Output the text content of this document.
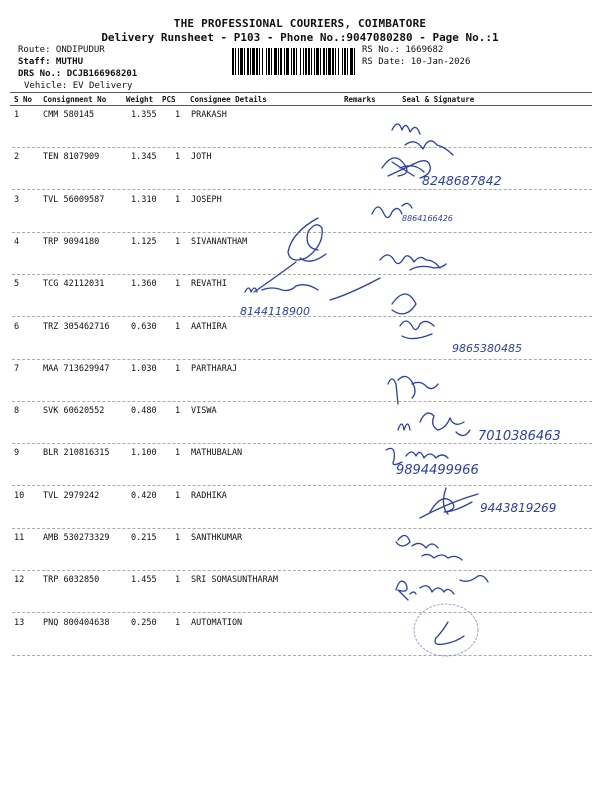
THE PROFESSIONAL COURIERS, COIMBATORE
Delivery Runsheet - P103 - Phone No.:9047080280 - Page No.:1
Route: ONDIPUDUR
Staff: MUTHU
DRS No.: DCJB166968201
Vehicle: EV Delivery
RS No.: 1669682
RS Date: 10-Jan-2026
S No Consignment No	Weight PCS Consignee Details	Remarks	Seal & Signature
1	CMM 580145	1.355 1 PRAKASH
2	TEN 8107909	1.345 1 JOTH
3	TVL 56009587	1.310 1 JOSEPH
4	TRP 9094180	1.125 1 SIVANANTHAM
5	TCG 42112031	1.360 1 REVATHI
6	TRZ 305462716	0.630 1 AATHIRA
7	MAA 713629947	1.030 1 PARTHARAJ
8	SVK 60620552	0.480 1 VISWA
9	BLR 210816315	1.100 1 MATHUBALAN
10 TVL 2979242	0.420 1 RADHIKA
11 AMB 530273329	0.215 1 SANTHKUMAR
12 TRP 6032850	1.455 1 SRI SOMASUNTHARAM
13 PNQ 800404638	0.250 1 AUTOMATION
8248687842
8864166426
8144118900
9865380485
7010386463
9894499966
9443819269
